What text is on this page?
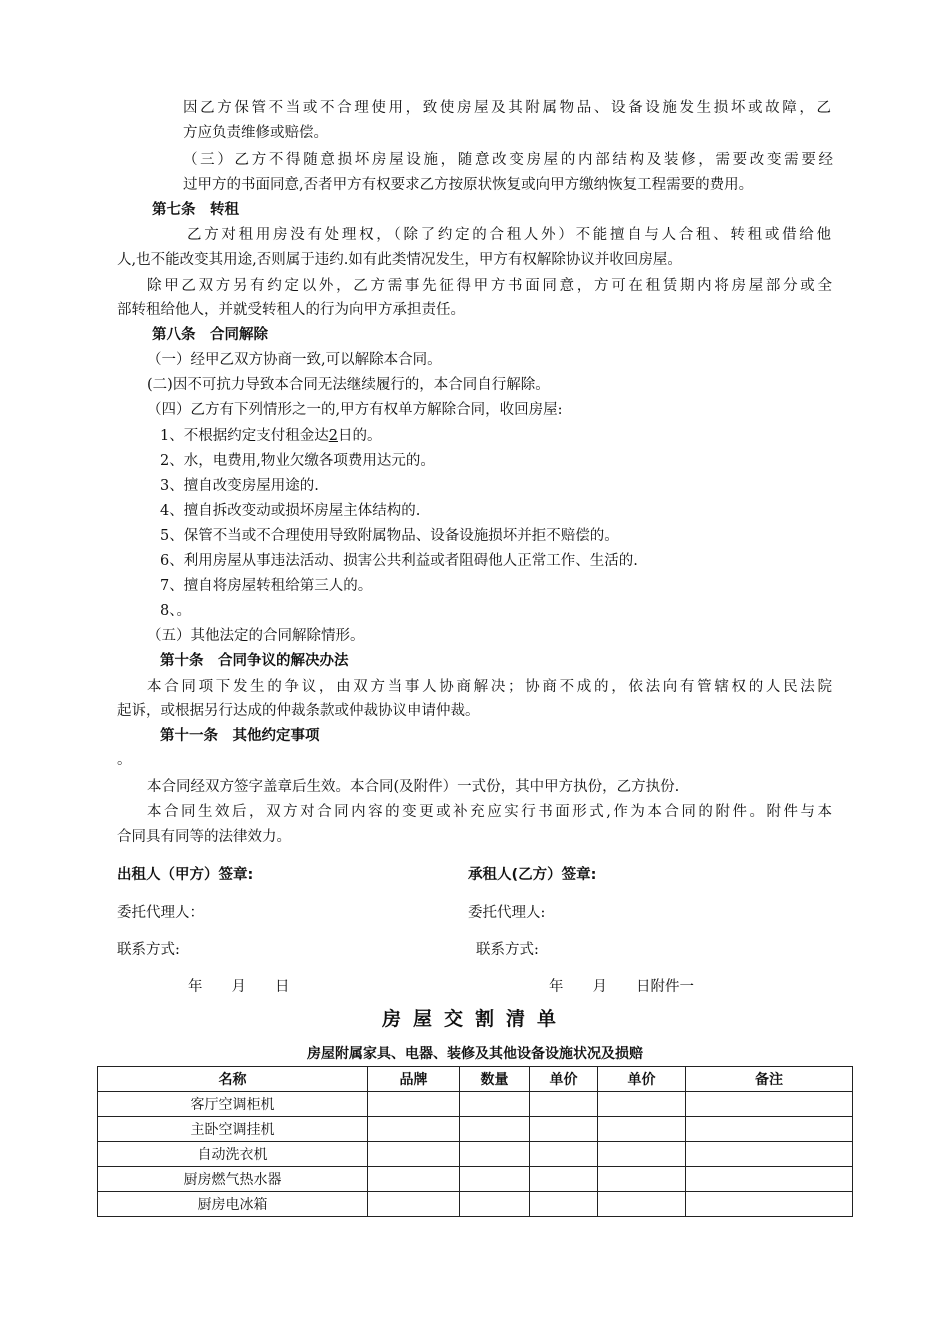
因乙方保管不当或不合理使用，致使房屋及其附属物品、设备设施发生损坏或故障，乙
方应负责维修或赔偿。
（三）乙方不得随意损坏房屋设施，随意改变房屋的内部结构及装修，需要改变需要经
过甲方的书面同意,否者甲方有权要求乙方按原状恢复或向甲方缴纳恢复工程需要的费用。
第七条　转租
乙方对租用房没有处理权，（除了约定的合租人外）不能擅自与人合租、转租或借给他
人,也不能改变其用途,否则属于违约.如有此类情况发生，甲方有权解除协议并收回房屋。
除甲乙双方另有约定以外，乙方需事先征得甲方书面同意，方可在租赁期内将房屋部分或全
部转租给他人，并就受转租人的行为向甲方承担责任。
第八条　合同解除
（一）经甲乙双方协商一致,可以解除本合同。
(二)因不可抗力导致本合同无法继续履行的，本合同自行解除。
（四）乙方有下列情形之一的,甲方有权单方解除合同，收回房屋:
1、不根据约定支付租金达2日的。
2、水，电费用,物业欠缴各项费用达元的。
3、擅自改变房屋用途的.
4、擅自拆改变动或损坏房屋主体结构的.
5、保管不当或不合理使用导致附属物品、设备设施损坏并拒不赔偿的。
6、利用房屋从事违法活动、损害公共利益或者阻碍他人正常工作、生活的.
7、擅自将房屋转租给第三人的。
8、。
（五）其他法定的合同解除情形。
第十条　合同争议的解决办法
本合同项下发生的争议，由双方当事人协商解决；协商不成的，依法向有管辖权的人民法院
起诉，或根据另行达成的仲裁条款或仲裁协议申请仲裁。
第十一条　其他约定事项
。
本合同经双方签字盖章后生效。本合同(及附件）一式份，其中甲方执份，乙方执份.
本合同生效后，双方对合同内容的变更或补充应实行书面形式,作为本合同的附件。附件与本
合同具有同等的法律效力。
出租人（甲方）签章:	承租人(乙方）签章:
委托代理人：	委托代理人:
联系方式:	联系方式:
年　　月　　日	年　　月　　日附件一
房屋交割清单
房屋附属家具、电器、装修及其他设备设施状况及损赔
名称	品牌	数量	单价	单价	备注
客厅空调柜机					
主卧空调挂机					
自动洗衣机					
厨房燃气热水器					
厨房电冰箱					
